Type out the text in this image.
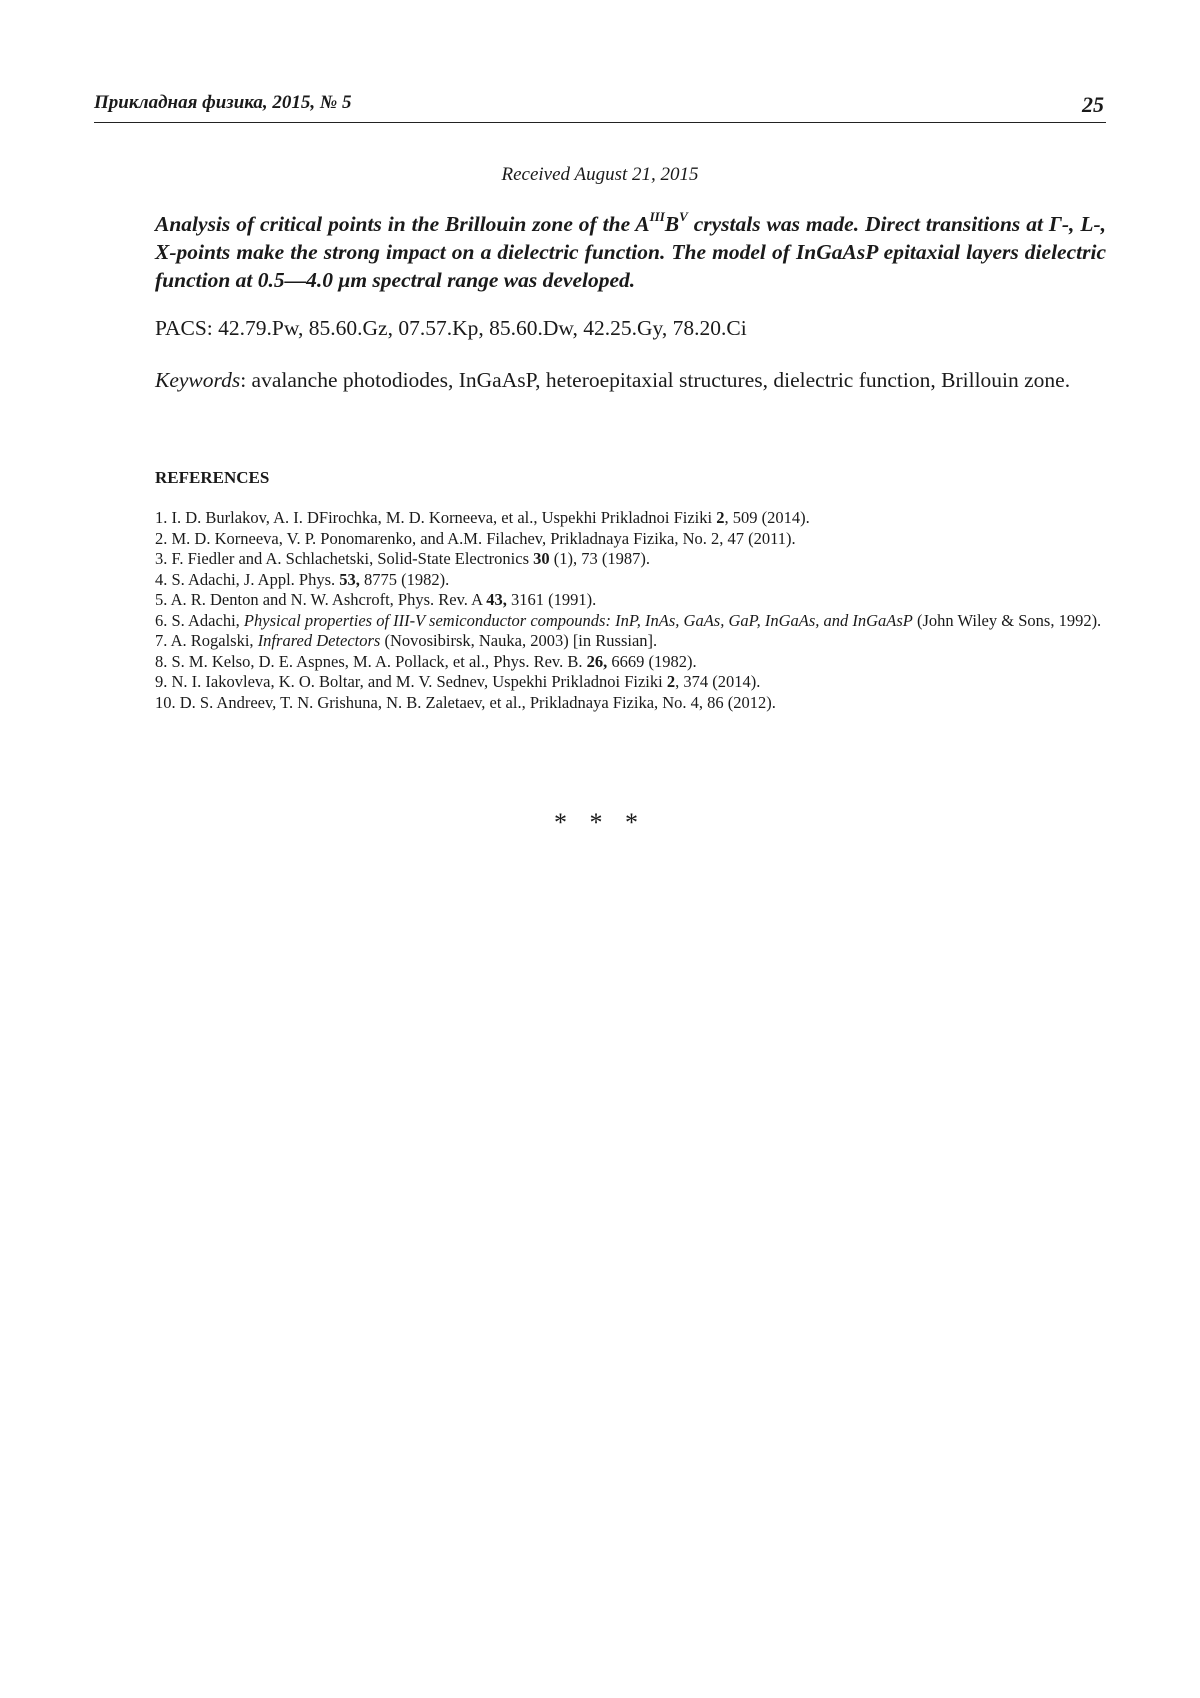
Прикладная физика, 2015, № 5	25
Received August 21, 2015
Analysis of critical points in the Brillouin zone of the $A^{III}B^V$ crystals was made. Direct transitions at Г-, L-, X-points make the strong impact on a dielectric function. The model of InGaAsP epitaxial layers dielectric function at 0.5—4.0 μm spectral range was developed.
PACS: 42.79.Pw, 85.60.Gz, 07.57.Kp, 85.60.Dw, 42.25.Gy, 78.20.Ci
Keywords: avalanche photodiodes, InGaAsP, heteroepitaxial structures, dielectric function, Brillouin zone.
REFERENCES
1. I. D. Burlakov, A. I. DFirochka, M. D. Korneeva, et al., Uspekhi Prikladnoi Fiziki 2, 509 (2014).
2. M. D. Korneeva, V. P. Ponomarenko, and A.M. Filachev, Prikladnaya Fizika, No. 2, 47 (2011).
3. F. Fiedler and A. Schlachetski, Solid-State Electronics 30 (1), 73 (1987).
4. S. Adachi, J. Appl. Phys. 53, 8775 (1982).
5. A. R. Denton and N. W. Ashcroft, Phys. Rev. A 43, 3161 (1991).
6. S. Adachi, Physical properties of III-V semiconductor compounds: InP, InAs, GaAs, GaP, InGaAs, and InGaAsP (John Wiley & Sons, 1992).
7. A. Rogalski, Infrared Detectors (Novosibirsk, Nauka, 2003) [in Russian].
8. S. M. Kelso, D. E. Aspnes, M. A. Pollack, et al., Phys. Rev. B. 26, 6669 (1982).
9. N. I. Iakovleva, K. O. Boltar, and M. V. Sednev, Uspekhi Prikladnoi Fiziki 2, 374 (2014).
10. D. S. Andreev, T. N. Grishuna, N. B. Zaletaev, et al., Prikladnaya Fizika, No. 4, 86 (2012).
* * *
